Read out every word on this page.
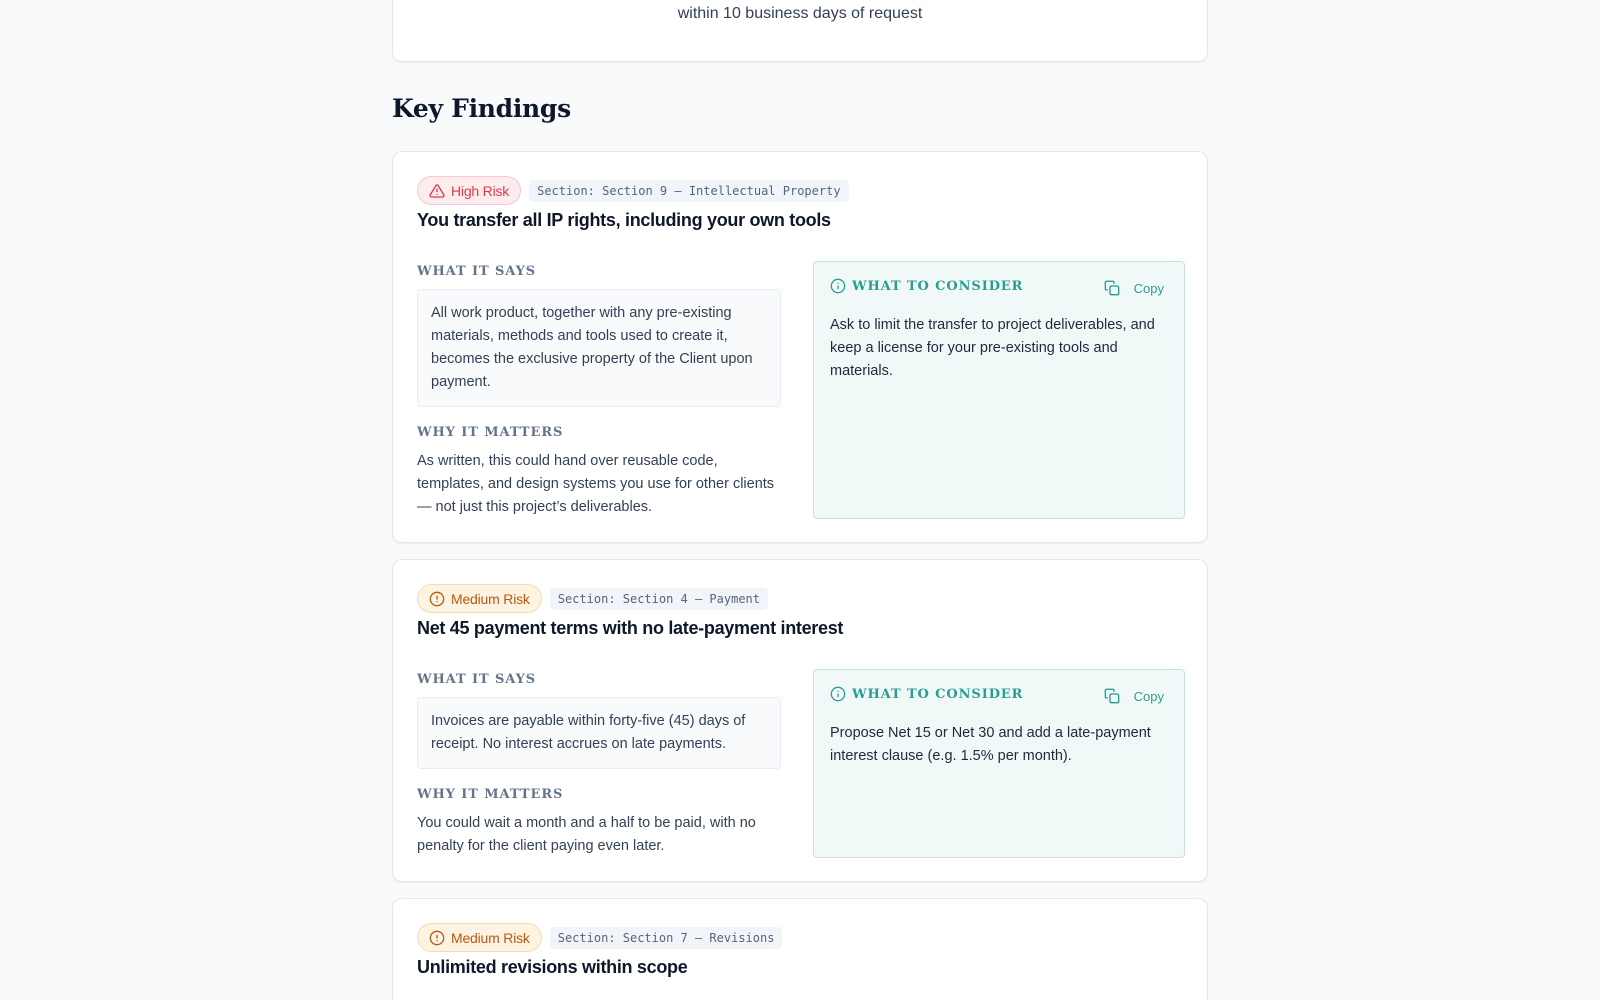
within 10 business days of request
Key Findings
High Risk	Section: Section 9 — Intellectual Property
You transfer all IP rights, including your own tools
WHAT IT SAYS
All work product, together with any pre-existing materials, methods and tools used to create it, becomes the exclusive property of the Client upon payment.
WHY IT MATTERS
As written, this could hand over reusable code, templates, and design systems you use for other clients — not just this project’s deliverables.
WHAT TO CONSIDER	Copy
Ask to limit the transfer to project deliverables, and keep a license for your pre-existing tools and materials.
Medium Risk	Section: Section 4 — Payment
Net 45 payment terms with no late-payment interest
WHAT IT SAYS
Invoices are payable within forty-five (45) days of receipt. No interest accrues on late payments.
WHY IT MATTERS
You could wait a month and a half to be paid, with no penalty for the client paying even later.
WHAT TO CONSIDER	Copy
Propose Net 15 or Net 30 and add a late-payment interest clause (e.g. 1.5% per month).
Medium Risk	Section: Section 7 — Revisions
Unlimited revisions within scope
